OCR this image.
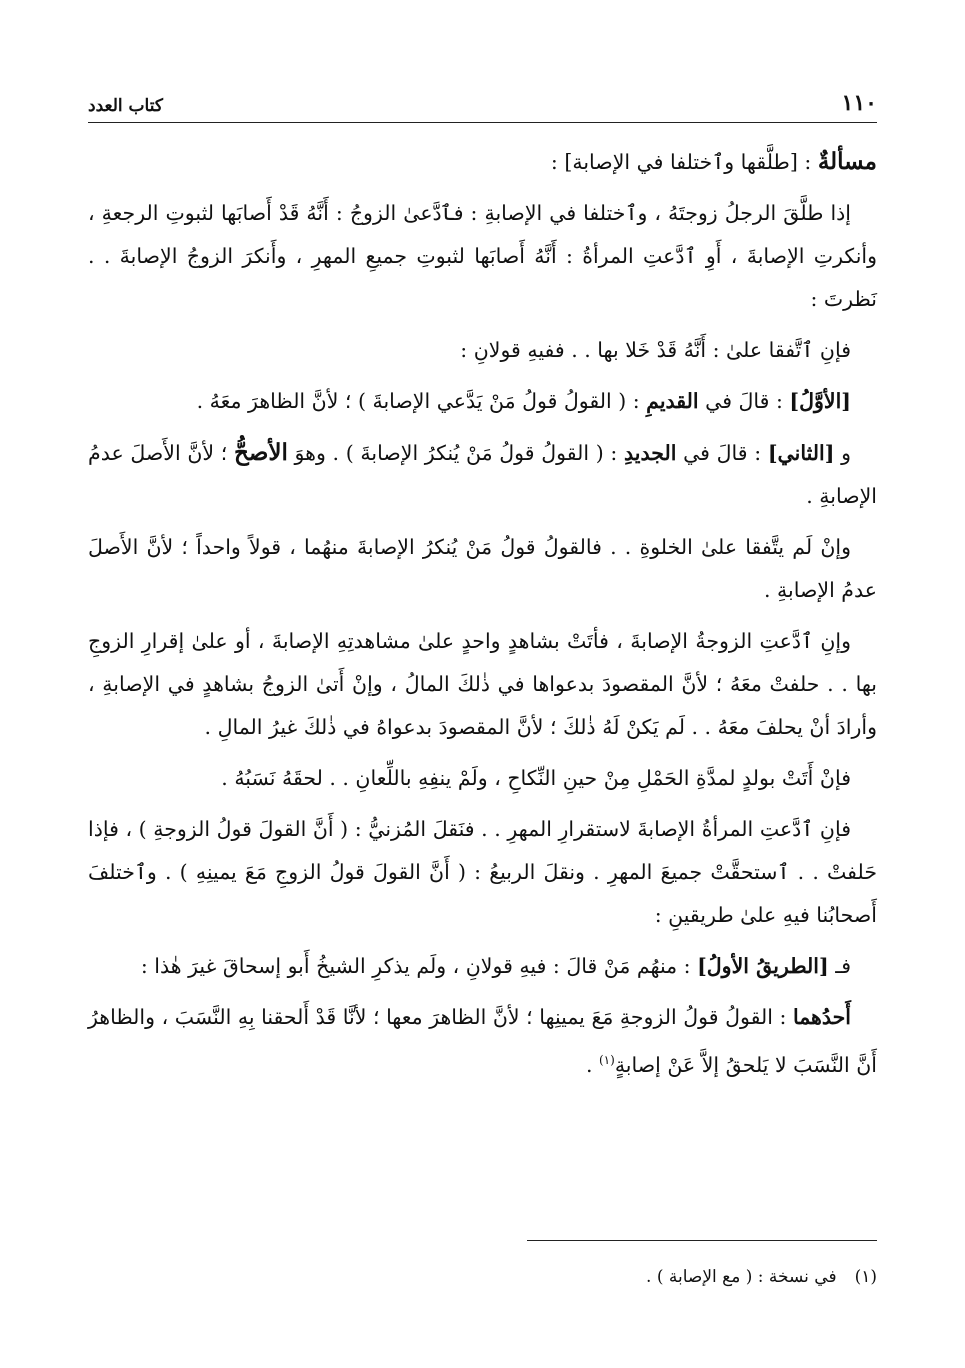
١١٠
كتاب العدد

مسألةٌ : [طلَّقها وٱختلفا في الإصابة] :

إذا طلَّقَ الرجلُ زوجتَهُ ، وٱختلفا في الإصابةِ : فٱدَّعىٰ الزوجُ : أَنَّهُ قَدْ أَصابَها لثبوتِ الرجعةِ ، وأنكرتِ الإصابةَ ، أَوِ ٱدَّعتِ المرأةُ : أَنَّهُ أَصابَها لثبوتِ جميعِ المهرِ ، وأَنكرَ الزوجُ الإصابةَ . . نَظرتَ :

فإنِ ٱتَّفقا علىٰ : أَنَّهُ قَدْ خَلا بها . . ففيهِ قولانِ :

[الأوَّلُ] : قالَ في القديمِ : ( القولُ قولُ مَنْ يَدَّعي الإصابةَ ) ؛ لأنَّ الظاهرَ معَهُ .

و [الثاني] : قالَ في الجديدِ : ( القولُ قولُ مَنْ يُنكرُ الإصابةَ ) . وهوَ الأصحُّ ؛ لأنَّ الأَصلَ عدمُ الإصابةِ .

وإنْ لَم يتَّفقا علىٰ الخلوةِ . . فالقولُ قولُ مَنْ يُنكرُ الإصابةَ منهُما ، قولاً واحداً ؛ لأنَّ الأَصلَ عدمُ الإصابةِ .

وإنِ ٱدَّعتِ الزوجةُ الإصابةَ ، فأتَتْ بشاهدٍ واحدٍ علىٰ مشاهدتِهِ الإصابةَ ، أو علىٰ إقرارِ الزوجِ بها . . حلفتْ معَهُ ؛ لأنَّ المقصودَ بدعواها في ذٰلكَ المالُ ، وإنْ أَتىٰ الزوجُ بشاهدٍ في الإصابةِ ، وأرادَ أنْ يحلفَ معَهُ . . لَم يَكنْ لَهُ ذٰلكَ ؛ لأنَّ المقصودَ بدعواهُ في ذٰلكَ غيرُ المالِ .

فإنْ أَتَتْ بولدٍ لمدَّةِ الحَمْلِ مِنْ حينِ النِّكاحِ ، ولَمْ ينفِهِ باللِّعانِ . . لحقَهُ نَسَبُهُ .

فإنِ ٱدَّعتِ المرأةُ الإصابةَ لاستقرارِ المهرِ . . فنَقلَ المُزنيُّ : ( أَنَّ القولَ قولُ الزوجةِ ) ، فإذا حَلفتْ . . ٱستحقَّتْ جميعَ المهرِ . ونقلَ الربيعُ : ( أَنَّ القولَ قولُ الزوجِ مَعَ يمينِهِ ) . وٱختلفَ أَصحابُنا فيهِ علىٰ طريقينِ :

فـ [الطريقُ الأولُ] : منهُم مَنْ قالَ : فيهِ قولانِ ، ولَم يذكرِ الشيخُ أَبو إسحاقَ غيرَ هٰذا :

أَحدُهما : القولُ قولُ الزوجةِ مَعَ يمينِها ؛ لأنَّ الظاهرَ معها ؛ لأنَّا قَدْ أَلحقنا بِهِ النَّسَبَ ، والظاهرُ أَنَّ النَّسَبَ لا يَلحقُ إلاَّ عَنْ إصابةٍ$^{(١)}$ .

(١)في نسخة : ( مع الإصابة ) .
